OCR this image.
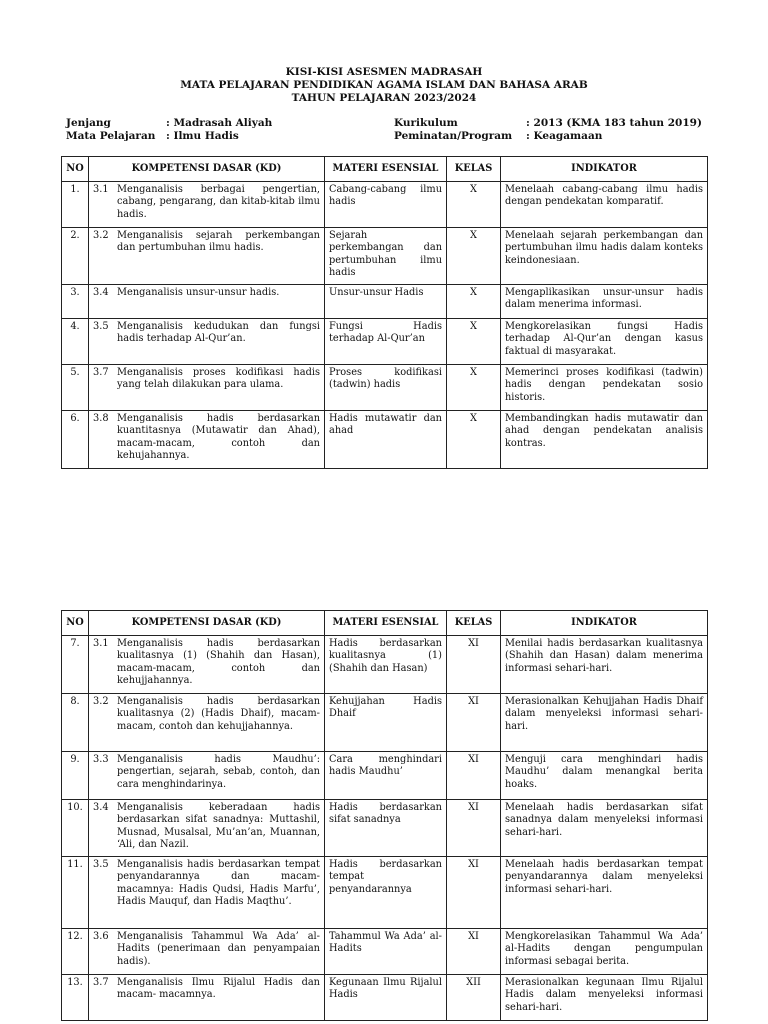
KISI-KISI ASESMEN MADRASAH
MATA PELAJARAN PENDIDIKAN AGAMA ISLAM DAN BAHASA ARAB
TAHUN PELAJARAN 2023/2024
Jenjang	: Madrasah Aliyah	Kurikulum	: 2013 (KMA 183 tahun 2019)
Mata Pelajaran	: Ilmu Hadis	Peminatan/Program	: Keagamaan
NO	KOMPETENSI DASAR (KD)	MATERI ESENSIAL	KELAS	INDIKATOR
1.	3.1 Menganalisis berbagai pengertian, cabang, pengarang, dan kitab-kitab ilmu hadis.	Cabang-cabang ilmu hadis	X	Menelaah cabang-cabang ilmu hadis dengan pendekatan komparatif.
2.	3.2 Menganalisis sejarah perkembangan dan pertumbuhan ilmu hadis.	Sejarah perkembangan dan pertumbuhan ilmu hadis	X	Menelaah sejarah perkembangan dan pertumbuhan ilmu hadis dalam konteks keindonesiaan.
3.	3.4 Menganalisis unsur-unsur hadis.	Unsur-unsur Hadis	X	Mengaplikasikan unsur-unsur hadis dalam menerima informasi.
4.	3.5 Menganalisis kedudukan dan fungsi hadis terhadap Al-Qur’an.	Fungsi Hadis terhadap Al-Qur’an	X	Mengkorelasikan fungsi Hadis terhadap Al-Qur’an dengan kasus faktual di masyarakat.
5.	3.7 Menganalisis proses kodifikasi hadis yang telah dilakukan para ulama.	Proses kodifikasi (tadwin) hadis	X	Memerinci proses kodifikasi (tadwin) hadis dengan pendekatan sosio historis.
6.	3.8 Menganalisis hadis berdasarkan kuantitasnya (Mutawatir dan Ahad), macam-macam, contoh dan kehujahannya.	Hadis mutawatir dan ahad	X	Membandingkan hadis mutawatir dan ahad dengan pendekatan analisis kontras.
NO	KOMPETENSI DASAR (KD)	MATERI ESENSIAL	KELAS	INDIKATOR
7.	3.1 Menganalisis hadis berdasarkan kualitasnya (1) (Shahih dan Hasan), macam-macam, contoh dan kehujjahannya.	Hadis berdasarkan kualitasnya (1) (Shahih dan Hasan)	XI	Menilai hadis berdasarkan kualitasnya (Shahih dan Hasan) dalam menerima informasi sehari-hari.
8.	3.2 Menganalisis hadis berdasarkan kualitasnya (2) (Hadis Dhaif), macam-macam, contoh dan kehujjahannya.	Kehujjahan Hadis Dhaif	XI	Merasionalkan Kehujjahan Hadis Dhaif dalam menyeleksi informasi sehari-hari.
9.	3.3 Menganalisis hadis Maudhu’: pengertian, sejarah, sebab, contoh, dan cara menghindarinya.	Cara menghindari hadis Maudhu’	XI	Menguji cara menghindari hadis Maudhu’ dalam menangkal berita hoaks.
10.	3.4 Menganalisis keberadaan hadis berdasarkan sifat sanadnya: Muttashil, Musnad, Musalsal, Mu’an’an, Muannan, ‘Ali, dan Nazil.	Hadis berdasarkan sifat sanadnya	XI	Menelaah hadis berdasarkan sifat sanadnya dalam menyeleksi informasi sehari-hari.
11.	3.5 Menganalisis hadis berdasarkan tempat penyandarannya dan macam-macamnya: Hadis Qudsi, Hadis Marfu’, Hadis Mauquf, dan Hadis Maqthu’.	Hadis berdasarkan tempat penyandarannya	XI	Menelaah hadis berdasarkan tempat penyandarannya dalam menyeleksi informasi sehari-hari.
12.	3.6 Menganalisis Tahammul Wa Ada’ al-Hadits (penerimaan dan penyampaian hadis).	Tahammul Wa Ada’ al-Hadits	XI	Mengkorelasikan Tahammul Wa Ada’ al-Hadits dengan pengumpulan informasi sebagai berita.
13.	3.7 Menganalisis Ilmu Rijalul Hadis dan macam- macamnya.	Kegunaan Ilmu Rijalul Hadis	XII	Merasionalkan kegunaan Ilmu Rijalul Hadis dalam menyeleksi informasi sehari-hari.
